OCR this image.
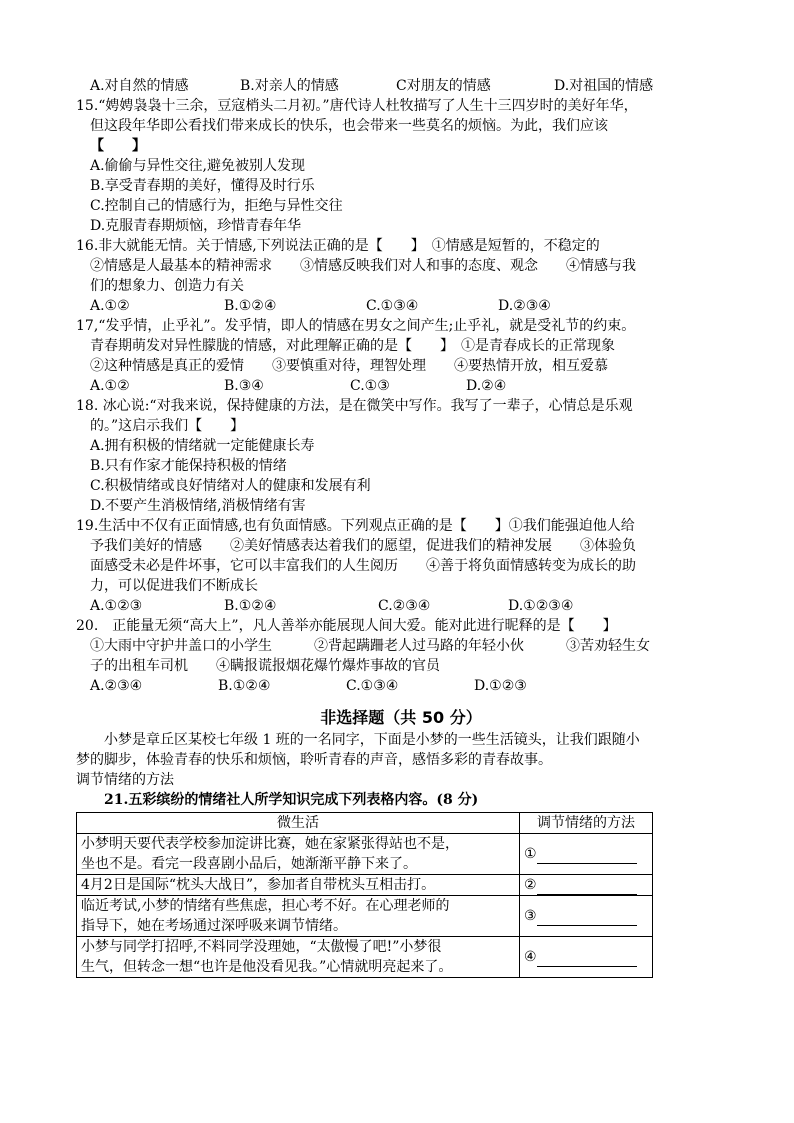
A.对自然的情感	B.对亲人的情感	C对朋友的情感	D.对祖国的情感
15.“娉娉袅袅十三余，豆寇梢头二月初。”唐代诗人杜牧描写了人生十三四岁时的美好年华，
但这段年华即公看找们带来成长的快乐，也会带来一些莫名的烦恼。为此，我们应该
【　　】
A.偷偷与异性交往,避免被别人发现
B.享受青春期的美好，懂得及时行乐
C.控制自己的情感行为，拒绝与异性交往
D.克服青春期烦恼，珍惜青春年华
16.非大就能无情。关于情感,下列说法正确的是【　　】　①情感是短暂的，不稳定的
②情感是人最基本的精神需求　　③情感反映我们对人和事的态度、观念　　④情感与我
们的想象力、创造力有关
A.①②	B.①②④	C.①③④	D.②③④
17,“发乎情，止乎礼”。发乎情，即人的情感在男女之间产生;止乎礼，就是受礼节的约束。
青春期萌发对异性朦胧的情感，对此理解正确的是【　　】　①是青春成长的正常现象
②这种情感是真正的爱情　　③要慎重对待，理智处理　　④要热情开放，相互爱慕
A.①②	B.③④	C.①③	D.②④
18. 冰心说:“对我来说，保持健康的方法，是在微笑中写作。我写了一辈子，心情总是乐观
的。”这启示我们【　　】
A.拥有积极的情绪就一定能健康长寿
B.只有作家才能保持积极的情绪
C.积极情绪或良好情绪对人的健康和发展有利
D.不要产生消极情绪,消极情绪有害
19.生活中不仅有正面情感,也有负面情感。下列观点正确的是【　　】①我们能强迫他人给
予我们美好的情感　　②美好情感表达着我们的愿望，促进我们的精神发展　　③体验负
面感受未必是件坏事，它可以丰富我们的人生阅历　　④善于将负面情感转变为成长的助
力，可以促进我们不断成长
A.①②③	B.①②④	C.②③④	D.①②③④
20.　正能量无须“高大上”，凡人善举亦能展现人间大爱。能对此进行昵释的是【　　】
①大雨中守护井盖口的小学生　　　②背起蹒跚老人过马路的年轻小伙　　　③苦劝轻生女
子的出租车司机　　④瞒报谎报烟花爆竹爆炸事故的官员
A.②③④	B.①②④	C.①③④	D.①②③
非选择题（共 50 分）
小梦是章丘区某校七年级 1 班的一名同字，下面是小梦的一些生活镜头，让我们跟随小
梦的脚步，体验青春的快乐和烦恼，聆听青春的声音，感悟多彩的青春故事。
调节情绪的方法
21.五彩缤纷的情绪社人所学知识完成下列表格内容。(8 分)
微生活	调节情绪的方法

小梦明天要代表学校参加淀讲比赛，她在家紧张得站也不是，
坐也不是。看完一段喜剧小品后，她渐渐平静下来了。	①

4月2日是国际“枕头大战日”，参加者自带枕头互相击打。	②

临近考试,小梦的情绪有些焦虑，担心考不好。在心理老师的
指导下，她在考场通过深呼吸来调节情绪。	③

小梦与同学打招呼,不料同学没理她，“太傲慢了吧!”小梦很
生气，但转念一想“也许是他没看见我。”心情就明亮起来了。	④
